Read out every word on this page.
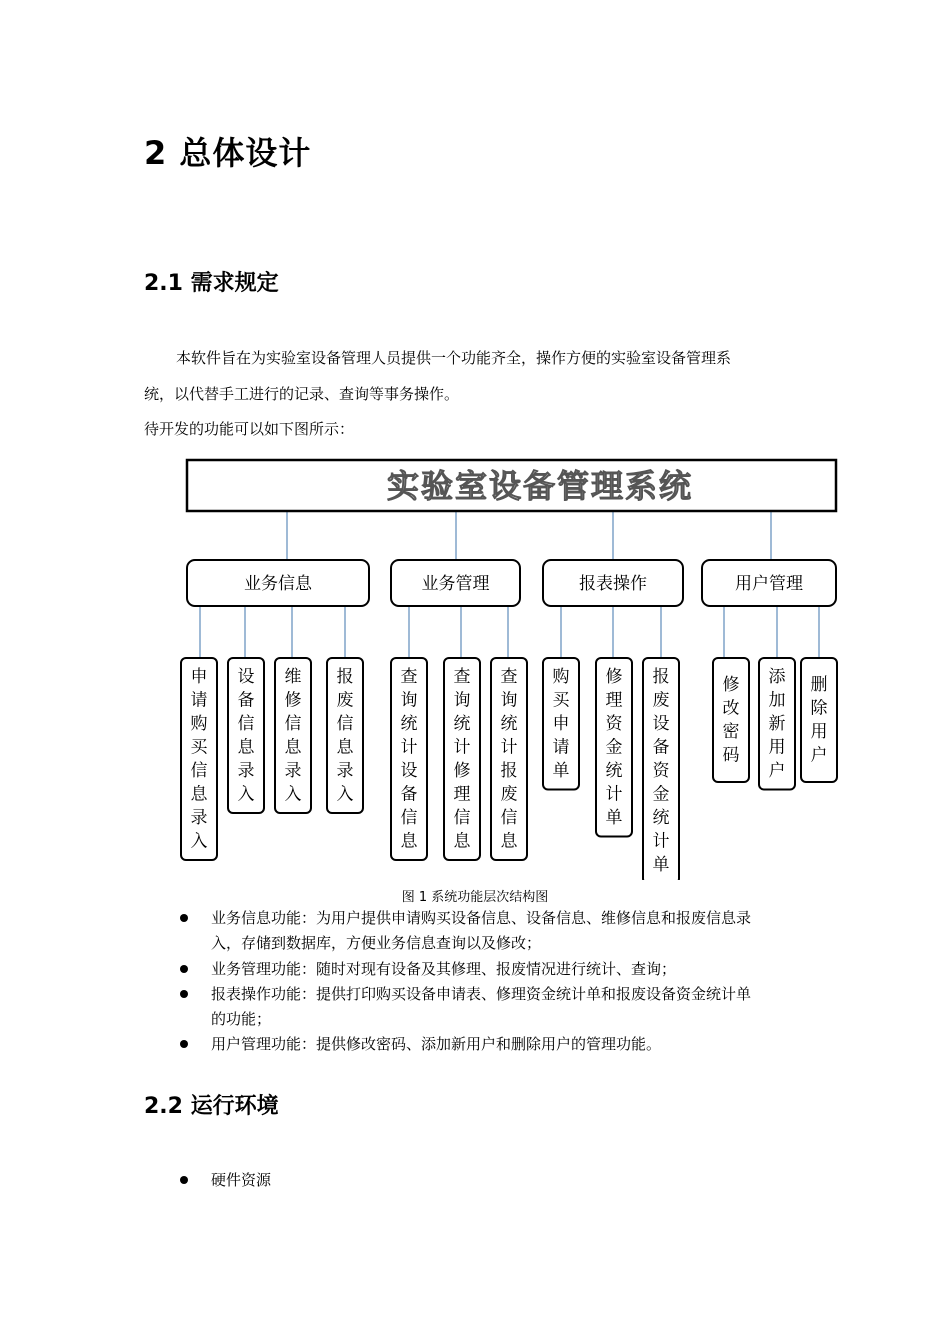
2 总体设计
2.1 需求规定
本软件旨在为实验室设备管理人员提供一个功能齐全，操作方便的实验室设备管理系
统，以代替手工进行的记录、查询等事务操作。
待开发的功能可以如下图所示：
实验室设备管理系统
业务信息
申请购买信息录入
设备信息录入
维修信息录入
报废信息录入
业务管理
查询统计设备信息
查询统计修理信息
查询统计报废信息
报表操作
购买申请单
修理资金统计单
报废设备资金统计单
用户管理
修改密码
添加新用户
删除用户
图 1 系统功能层次结构图
业务信息功能：为用户提供申请购买设备信息、设备信息、维修信息和报废信息录
入，存储到数据库，方便业务信息查询以及修改；
业务管理功能：随时对现有设备及其修理、报废情况进行统计、查询；
报表操作功能：提供打印购买设备申请表、修理资金统计单和报废设备资金统计单
的功能；
用户管理功能：提供修改密码、添加新用户和删除用户的管理功能。
2.2 运行环境
硬件资源
